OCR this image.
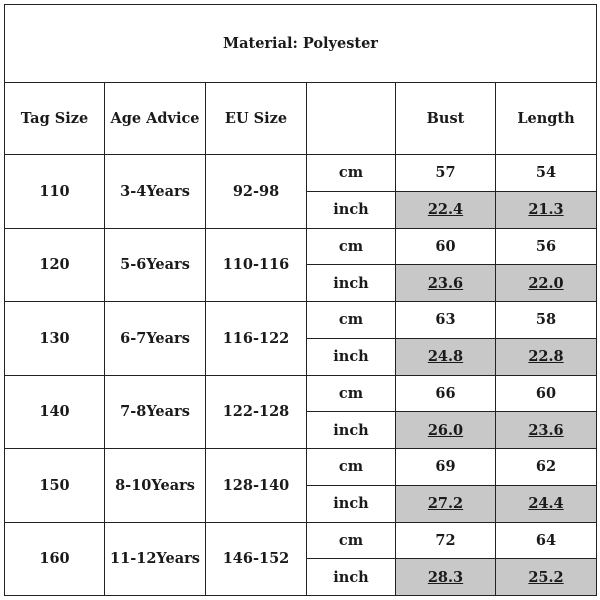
Material: Polyester					
Tag Size	Age Advice	EU Size		Bust	Length
110	3-4Years	92-98	cm	57	54
			inch	22.4	21.3
120	5-6Years	110-116	cm	60	56
			inch	23.6	22.0
130	6-7Years	116-122	cm	63	58
			inch	24.8	22.8
140	7-8Years	122-128	cm	66	60
			inch	26.0	23.6
150	8-10Years	128-140	cm	69	62
			inch	27.2	24.4
160	11-12Years	146-152	cm	72	64
			inch	28.3	25.2
